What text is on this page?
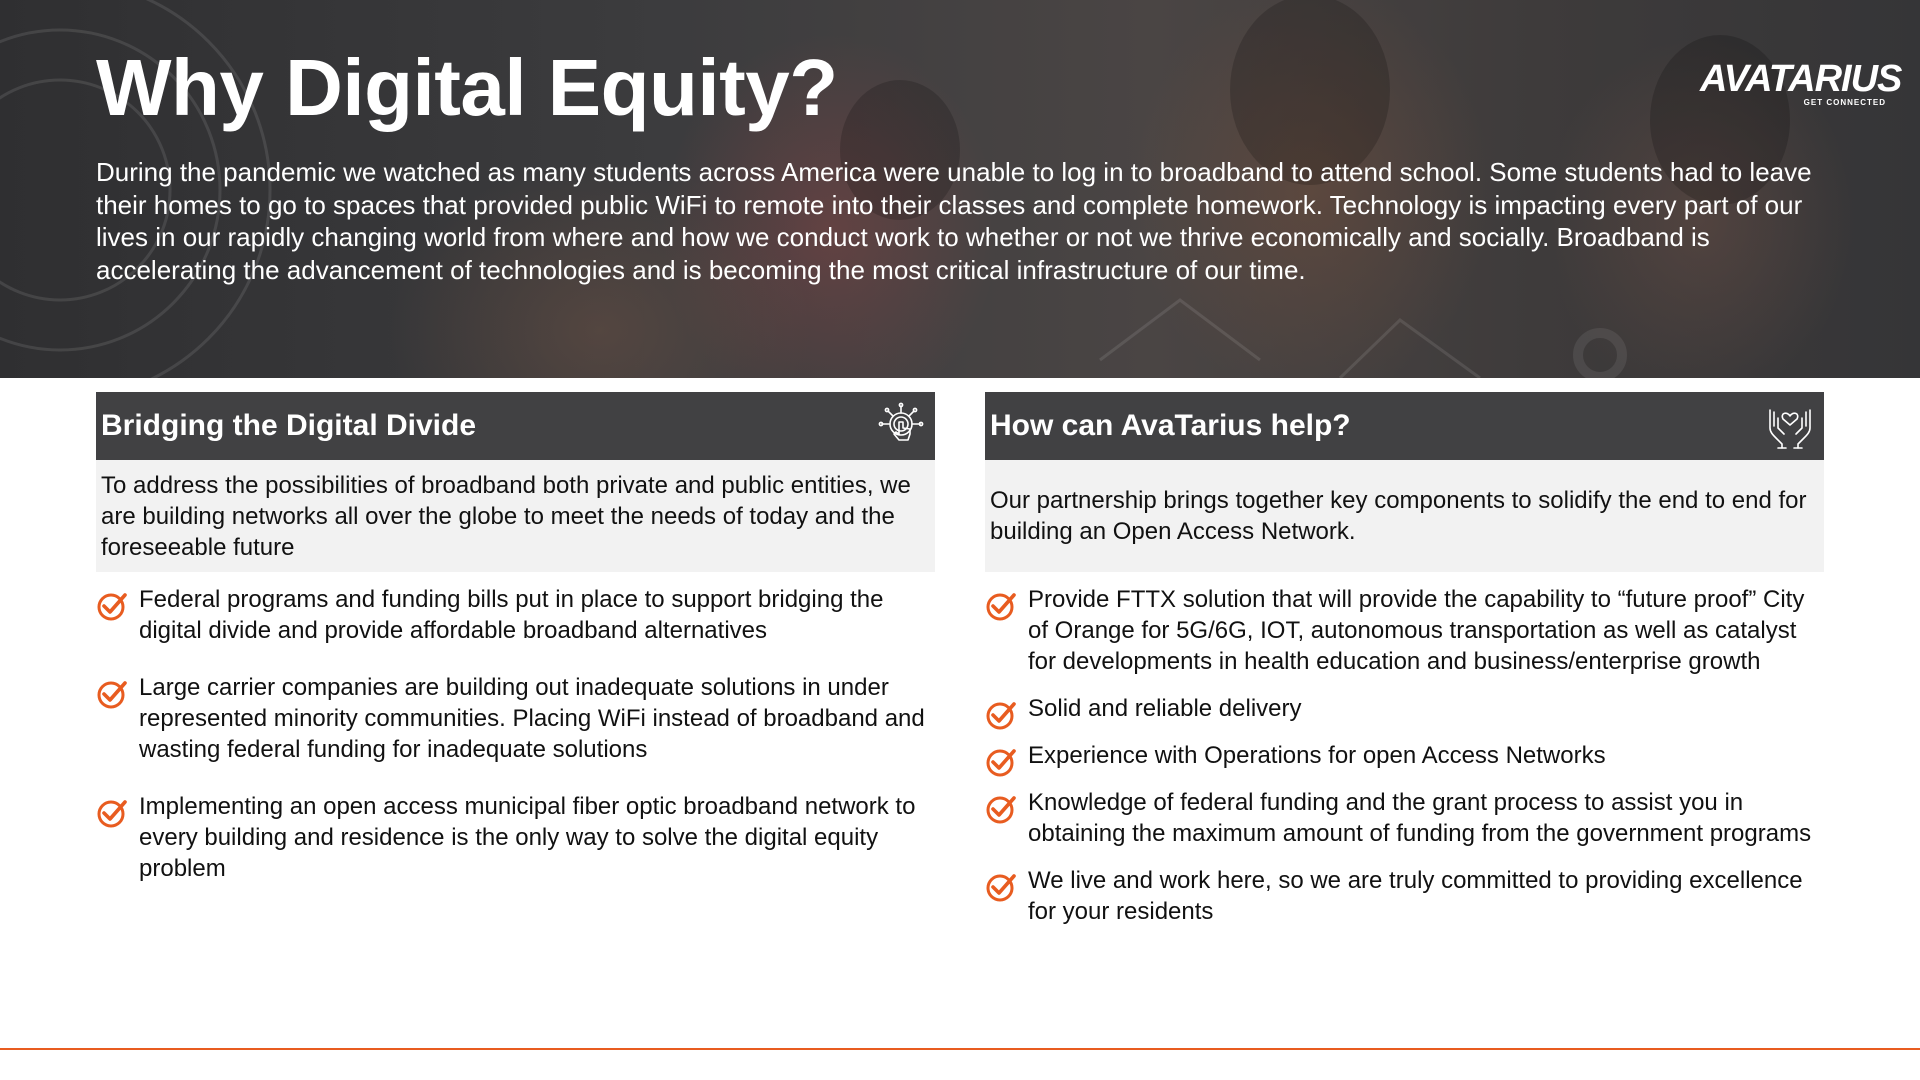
Why Digital Equity?
During the pandemic we watched as many students across America were unable to log in to broadband to attend school. Some students had to leave their homes to go to spaces that provided public WiFi to remote into their classes and complete homework. Technology is impacting every part of our lives in our rapidly changing world from where and how we conduct work to whether or not we thrive economically and socially. Broadband is accelerating the advancement of technologies and is becoming the most critical infrastructure of our time.
AVATARIUS
GET CONNECTED
Bridging the Digital Divide
To address the possibilities of broadband both private and public entities, we are building networks all over the globe to meet the needs of today and the foreseeable future
Federal programs and funding bills put in place to support bridging the digital divide and provide affordable broadband alternatives
Large carrier companies are building out inadequate solutions in under represented minority communities. Placing WiFi instead of broadband and wasting federal funding for inadequate solutions
Implementing an open access municipal fiber optic broadband network to every building and residence is the only way to solve the digital equity problem
How can AvaTarius help?
Our partnership brings together key components to solidify the end to end for building an Open Access Network.
Provide FTTX solution that will provide the capability to “future proof” City of Orange for 5G/6G, IOT, autonomous transportation as well as catalyst for developments in health education and business/enterprise growth
Solid and reliable delivery
Experience with Operations for open Access Networks
Knowledge of federal funding and the grant process to assist you in obtaining the maximum amount of funding from the government programs
We live and work here, so we are truly committed to providing excellence for your residents
